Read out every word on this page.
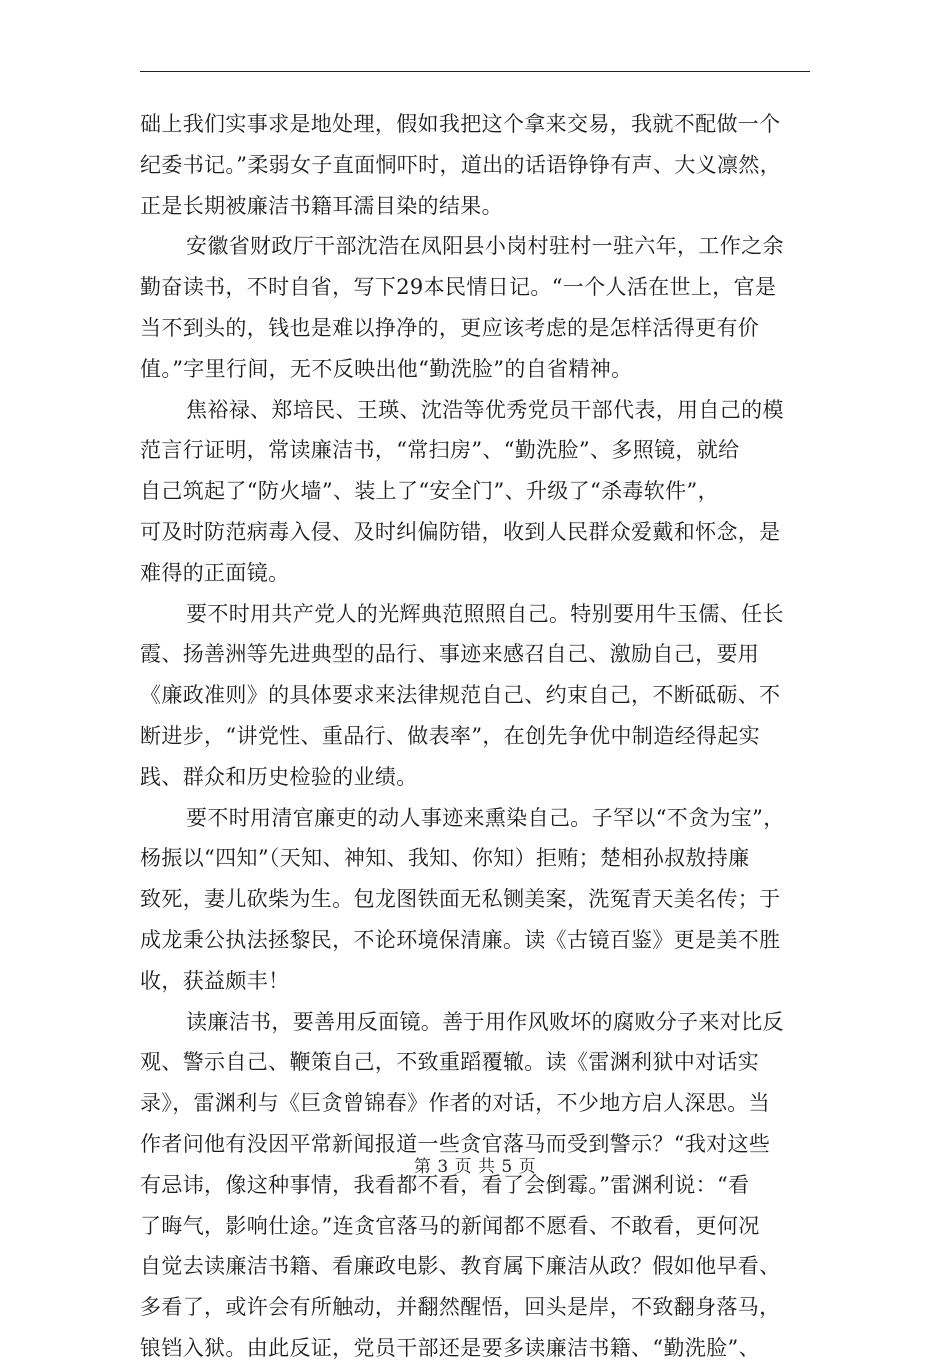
础上我们实事求是地处理，假如我把这个拿来交易，我就不配做一个
纪委书记。”柔弱女子直面恫吓时，道出的话语铮铮有声、大义凛然，
正是长期被廉洁书籍耳濡目染的结果。
安徽省财政厅干部沈浩在凤阳县小岗村驻村一驻六年，工作之余
勤奋读书，不时自省，写下29本民情日记。“一个人活在世上，官是
当不到头的，钱也是难以挣净的，更应该考虑的是怎样活得更有价
值。”字里行间，无不反映出他“勤洗脸”的自省精神。
焦裕禄、郑培民、王瑛、沈浩等优秀党员干部代表，用自己的模
范言行证明，常读廉洁书，“常扫房”、“勤洗脸”、多照镜，就给
自己筑起了“防火墙”、装上了“安全门”、升级了“杀毒软件”，
可及时防范病毒入侵、及时纠偏防错，收到人民群众爱戴和怀念，是
难得的正面镜。
要不时用共产党人的光辉典范照照自己。特别要用牛玉儒、任长
霞、扬善洲等先进典型的品行、事迹来感召自己、激励自己，要用
《廉政准则》的具体要求来法律规范自己、约束自己，不断砥砺、不
断进步，“讲党性、重品行、做表率”，在创先争优中制造经得起实
践、群众和历史检验的业绩。
要不时用清官廉吏的动人事迹来熏染自己。子罕以“不贪为宝”，
杨振以“四知”（天知、神知、我知、你知）拒贿；楚相孙叔敖持廉
致死，妻儿砍柴为生。包龙图铁面无私铡美案，洗冤青天美名传；于
成龙秉公执法拯黎民，不论环境保清廉。读《古镜百鉴》更是美不胜
收，获益颇丰！
读廉洁书，要善用反面镜。善于用作风败坏的腐败分子来对比反
观、警示自己、鞭策自己，不致重蹈覆辙。读《雷渊利狱中对话实
录》，雷渊利与《巨贪曾锦春》作者的对话，不少地方启人深思。当
作者问他有没因平常新闻报道一些贪官落马而受到警示？“我对这些
有忌讳，像这种事情，我看都不看，看了会倒霉。”雷渊利说：“看
了晦气，影响仕途。”连贪官落马的新闻都不愿看、不敢看，更何况
自觉去读廉洁书籍、看廉政电影、教育属下廉洁从政？假如他早看、
多看了，或许会有所触动，并翻然醒悟，回头是岸，不致翻身落马，
锒铛入狱。由此反证，党员干部还是要多读廉洁书籍、“勤洗脸”、
第 3 页 共 5 页
